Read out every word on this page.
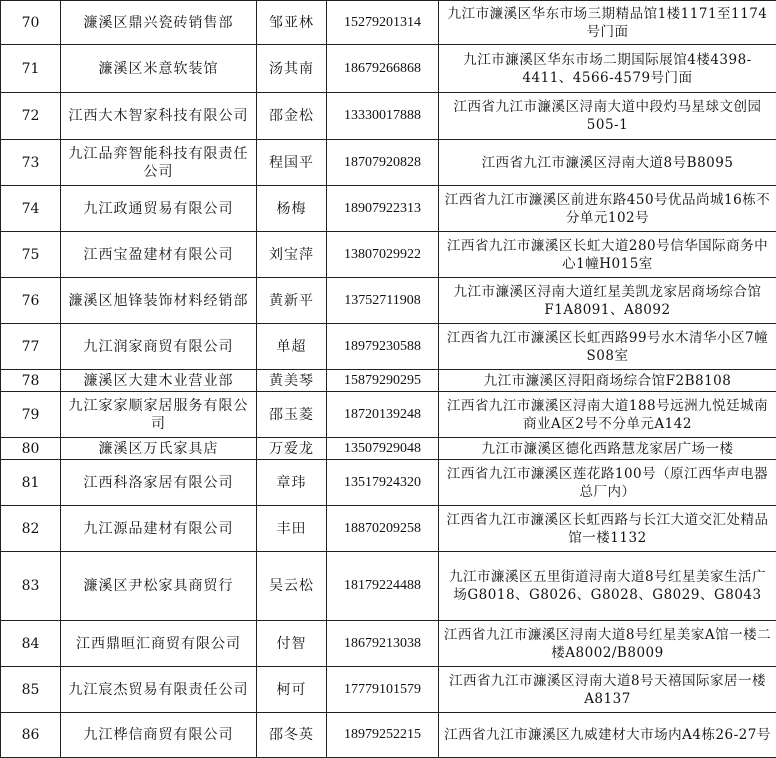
70	濂溪区鼎兴瓷砖销售部	邹亚林	15279201314	九江市濂溪区华东市场三期精品馆1楼1171至1174号门面
71	濂溪区米意软装馆	汤其南	18679266868	九江市濂溪区华东市场二期国际展馆4楼4398-4411、4566-4579号门面
72	江西大木智家科技有限公司	邵金松	13330017888	江西省九江市濂溪区浔南大道中段灼马星球文创园505-1
73	九江品弈智能科技有限责任公司	程国平	18707920828	江西省九江市濂溪区浔南大道8号B8095
74	九江政通贸易有限公司	杨梅	18907922313	江西省九江市濂溪区前进东路450号优品尚城16栋不分单元102号
75	江西宝盈建材有限公司	刘宝萍	13807029922	江西省九江市濂溪区长虹大道280号信华国际商务中心1幢H015室
76	濂溪区旭锋装饰材料经销部	黄新平	13752711908	九江市濂溪区浔南大道红星美凯龙家居商场综合馆F1A8091、A8092
77	九江润家商贸有限公司	单超	18979230588	江西省九江市濂溪区长虹西路99号水木清华小区7幢S08室
78	濂溪区大建木业营业部	黄美琴	15879290295	九江市濂溪区浔阳商场综合馆F2B8108
79	九江家家顺家居服务有限公司	邵玉菱	18720139248	江西省九江市濂溪区浔南大道188号远洲九悦廷城南商业A区2号不分单元A142
80	濂溪区万氏家具店	万爱龙	13507929048	九江市濂溪区德化西路慧龙家居广场一楼
81	江西科洛家居有限公司	章玮	13517924320	江西省九江市濂溪区莲花路100号（原江西华声电器总厂内）
82	九江源品建材有限公司	丰田	18870209258	江西省九江市濂溪区长虹西路与长江大道交汇处精品馆一楼1132
83	濂溪区尹松家具商贸行	吴云松	18179224488	九江市濂溪区五里街道浔南大道8号红星美家生活广场G8018、G8026、G8028、G8029、G8043
84	江西鼎晅汇商贸有限公司	付智	18679213038	江西省九江市濂溪区浔南大道8号红星美家A馆一楼二楼A8002/B8009
85	九江宸杰贸易有限责任公司	柯可	17779101579	江西省九江市濂溪区浔南大道8号天禧国际家居一楼A8137
86	九江桦信商贸有限公司	邵冬英	18979252215	江西省九江市濂溪区九威建材大市场内A4栋26-27号
